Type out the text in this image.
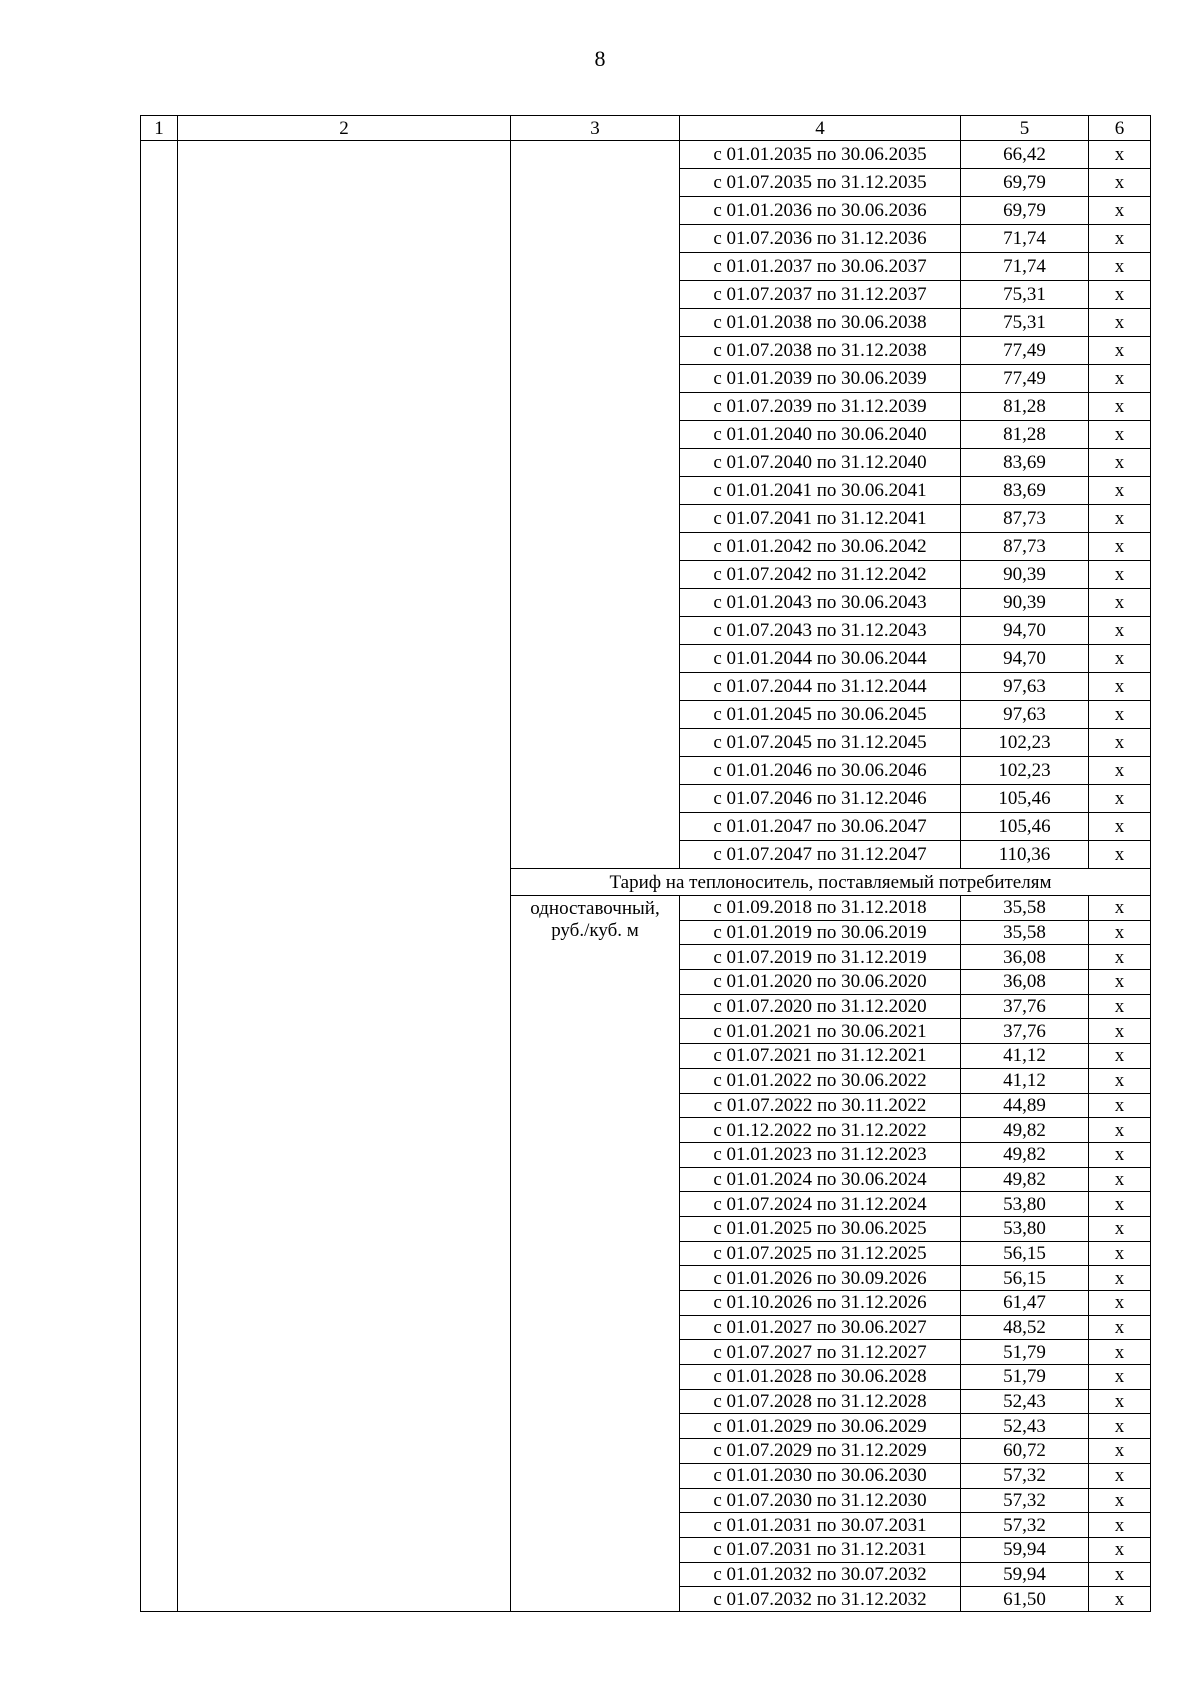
8
1	2	3	4	5	6
			с 01.01.2035 по 30.06.2035	66,42	х
			с 01.07.2035 по 31.12.2035	69,79	х
			с 01.01.2036 по 30.06.2036	69,79	х
			с 01.07.2036 по 31.12.2036	71,74	х
			с 01.01.2037 по 30.06.2037	71,74	х
			с 01.07.2037 по 31.12.2037	75,31	х
			с 01.01.2038 по 30.06.2038	75,31	х
			с 01.07.2038 по 31.12.2038	77,49	х
			с 01.01.2039 по 30.06.2039	77,49	х
			с 01.07.2039 по 31.12.2039	81,28	х
			с 01.01.2040 по 30.06.2040	81,28	х
			с 01.07.2040 по 31.12.2040	83,69	х
			с 01.01.2041 по 30.06.2041	83,69	х
			с 01.07.2041 по 31.12.2041	87,73	х
			с 01.01.2042 по 30.06.2042	87,73	х
			с 01.07.2042 по 31.12.2042	90,39	х
			с 01.01.2043 по 30.06.2043	90,39	х
			с 01.07.2043 по 31.12.2043	94,70	х
			с 01.01.2044 по 30.06.2044	94,70	х
			с 01.07.2044 по 31.12.2044	97,63	х
			с 01.01.2045 по 30.06.2045	97,63	х
			с 01.07.2045 по 31.12.2045	102,23	х
			с 01.01.2046 по 30.06.2046	102,23	х
			с 01.07.2046 по 31.12.2046	105,46	х
			с 01.01.2047 по 30.06.2047	105,46	х
			с 01.07.2047 по 31.12.2047	110,36	х
		Тариф на теплоноситель, поставляемый потребителям			
		одноставочный, руб./куб. м	с 01.09.2018 по 31.12.2018	35,58	х
			с 01.01.2019 по 30.06.2019	35,58	х
			с 01.07.2019 по 31.12.2019	36,08	х
			с 01.01.2020 по 30.06.2020	36,08	х
			с 01.07.2020 по 31.12.2020	37,76	х
			с 01.01.2021 по 30.06.2021	37,76	х
			с 01.07.2021 по 31.12.2021	41,12	х
			с 01.01.2022 по 30.06.2022	41,12	х
			с 01.07.2022 по 30.11.2022	44,89	х
			с 01.12.2022 по 31.12.2022	49,82	х
			с 01.01.2023 по 31.12.2023	49,82	х
			с 01.01.2024 по 30.06.2024	49,82	х
			с 01.07.2024 по 31.12.2024	53,80	х
			с 01.01.2025 по 30.06.2025	53,80	х
			с 01.07.2025 по 31.12.2025	56,15	х
			с 01.01.2026 по 30.09.2026	56,15	х
			с 01.10.2026 по 31.12.2026	61,47	х
			с 01.01.2027 по 30.06.2027	48,52	х
			с 01.07.2027 по 31.12.2027	51,79	х
			с 01.01.2028 по 30.06.2028	51,79	х
			с 01.07.2028 по 31.12.2028	52,43	х
			с 01.01.2029 по 30.06.2029	52,43	х
			с 01.07.2029 по 31.12.2029	60,72	х
			с 01.01.2030 по 30.06.2030	57,32	х
			с 01.07.2030 по 31.12.2030	57,32	х
			с 01.01.2031 по 30.07.2031	57,32	х
			с 01.07.2031 по 31.12.2031	59,94	х
			с 01.01.2032 по 30.07.2032	59,94	х
			с 01.07.2032 по 31.12.2032	61,50	х
